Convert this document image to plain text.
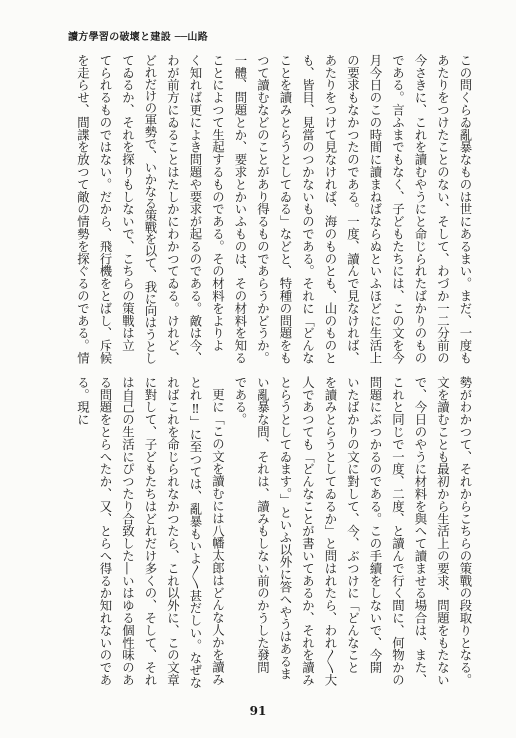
讀方學習の破壞と建設 ──山路
この問くらゐ亂暴なものは世にあるまい。まだ、一度も
あたりをつけたことのない、そして、わづか一二分前の
今さきに、これを讀むやうにと命じられたばかりのもの
である。言ふまでもなく、子どもたちには、この文を今
月今日のこの時間に讀まねばならぬといふほどに生活上
の要求もなかつたのである。一度、讀んで見なければ、
あたりをつけて見なければ、海のものとも、山のものと
も、皆目、見當のつかないものである。それに「どんな
ことを讀みとらうとしてゐる」などと、特種の問題をも
つて讀むなどのことがあり得るものであらうかどうか。
一體、問題とか、要求とかいふものは、その材料を知る
ことによつて生起するものである。その材料をよりよ
く知れば更によき問題や要求が起るのである。敵は今、
わが前方にゐることはたしかにわかつてゐる。けれど、
どれだけの軍勢で、いかなる策戰を以て、我に向はうとし
てゐるか、それを探りもしないで、こちらの策戰は立
てられるものではない。だから、飛行機をとばし、斥候
を走らせ、間諜を放つて敵の情勢を探ぐるのである。情
勢がわかつて、それからこちらの策戰の段取りとなる。
文を讀むことも最初から生活上の要求、問題をもたない
で、今日のやうに材料を與へて讀ませる場合は、また、
これと同じで一度、二度、と讀んで行く間に、何物かの
問題にぶつかるのである。この手續をしないで、今開
いたばかりの文に對して、今、ぶつけに「どんなこと
を讀みとらうとしてゐるか」と問はれたら、われ〱大
人であつても「どんなことが書いてあるか、それを讀み
とらうとしてゐます。」といふ以外に答へやうはあるま
い亂暴な問、それは、讀みもしない前のかうした發問
である。
更に「この文を讀むには八幡太郎はどんな人かを讀み
とれ‼」に至つては、亂暴もいよ〱甚だしい。なぜな
ればこれを命じられなかつたら、これ以外に、この文章
に對して、子どもたちはどれだけ多くの、そして、それ
は自己の生活にぴつたり合致した―いはゆる個性味のあ
る問題をとらへたか、又、とらへ得るか知れないのであ
る。現に
91
